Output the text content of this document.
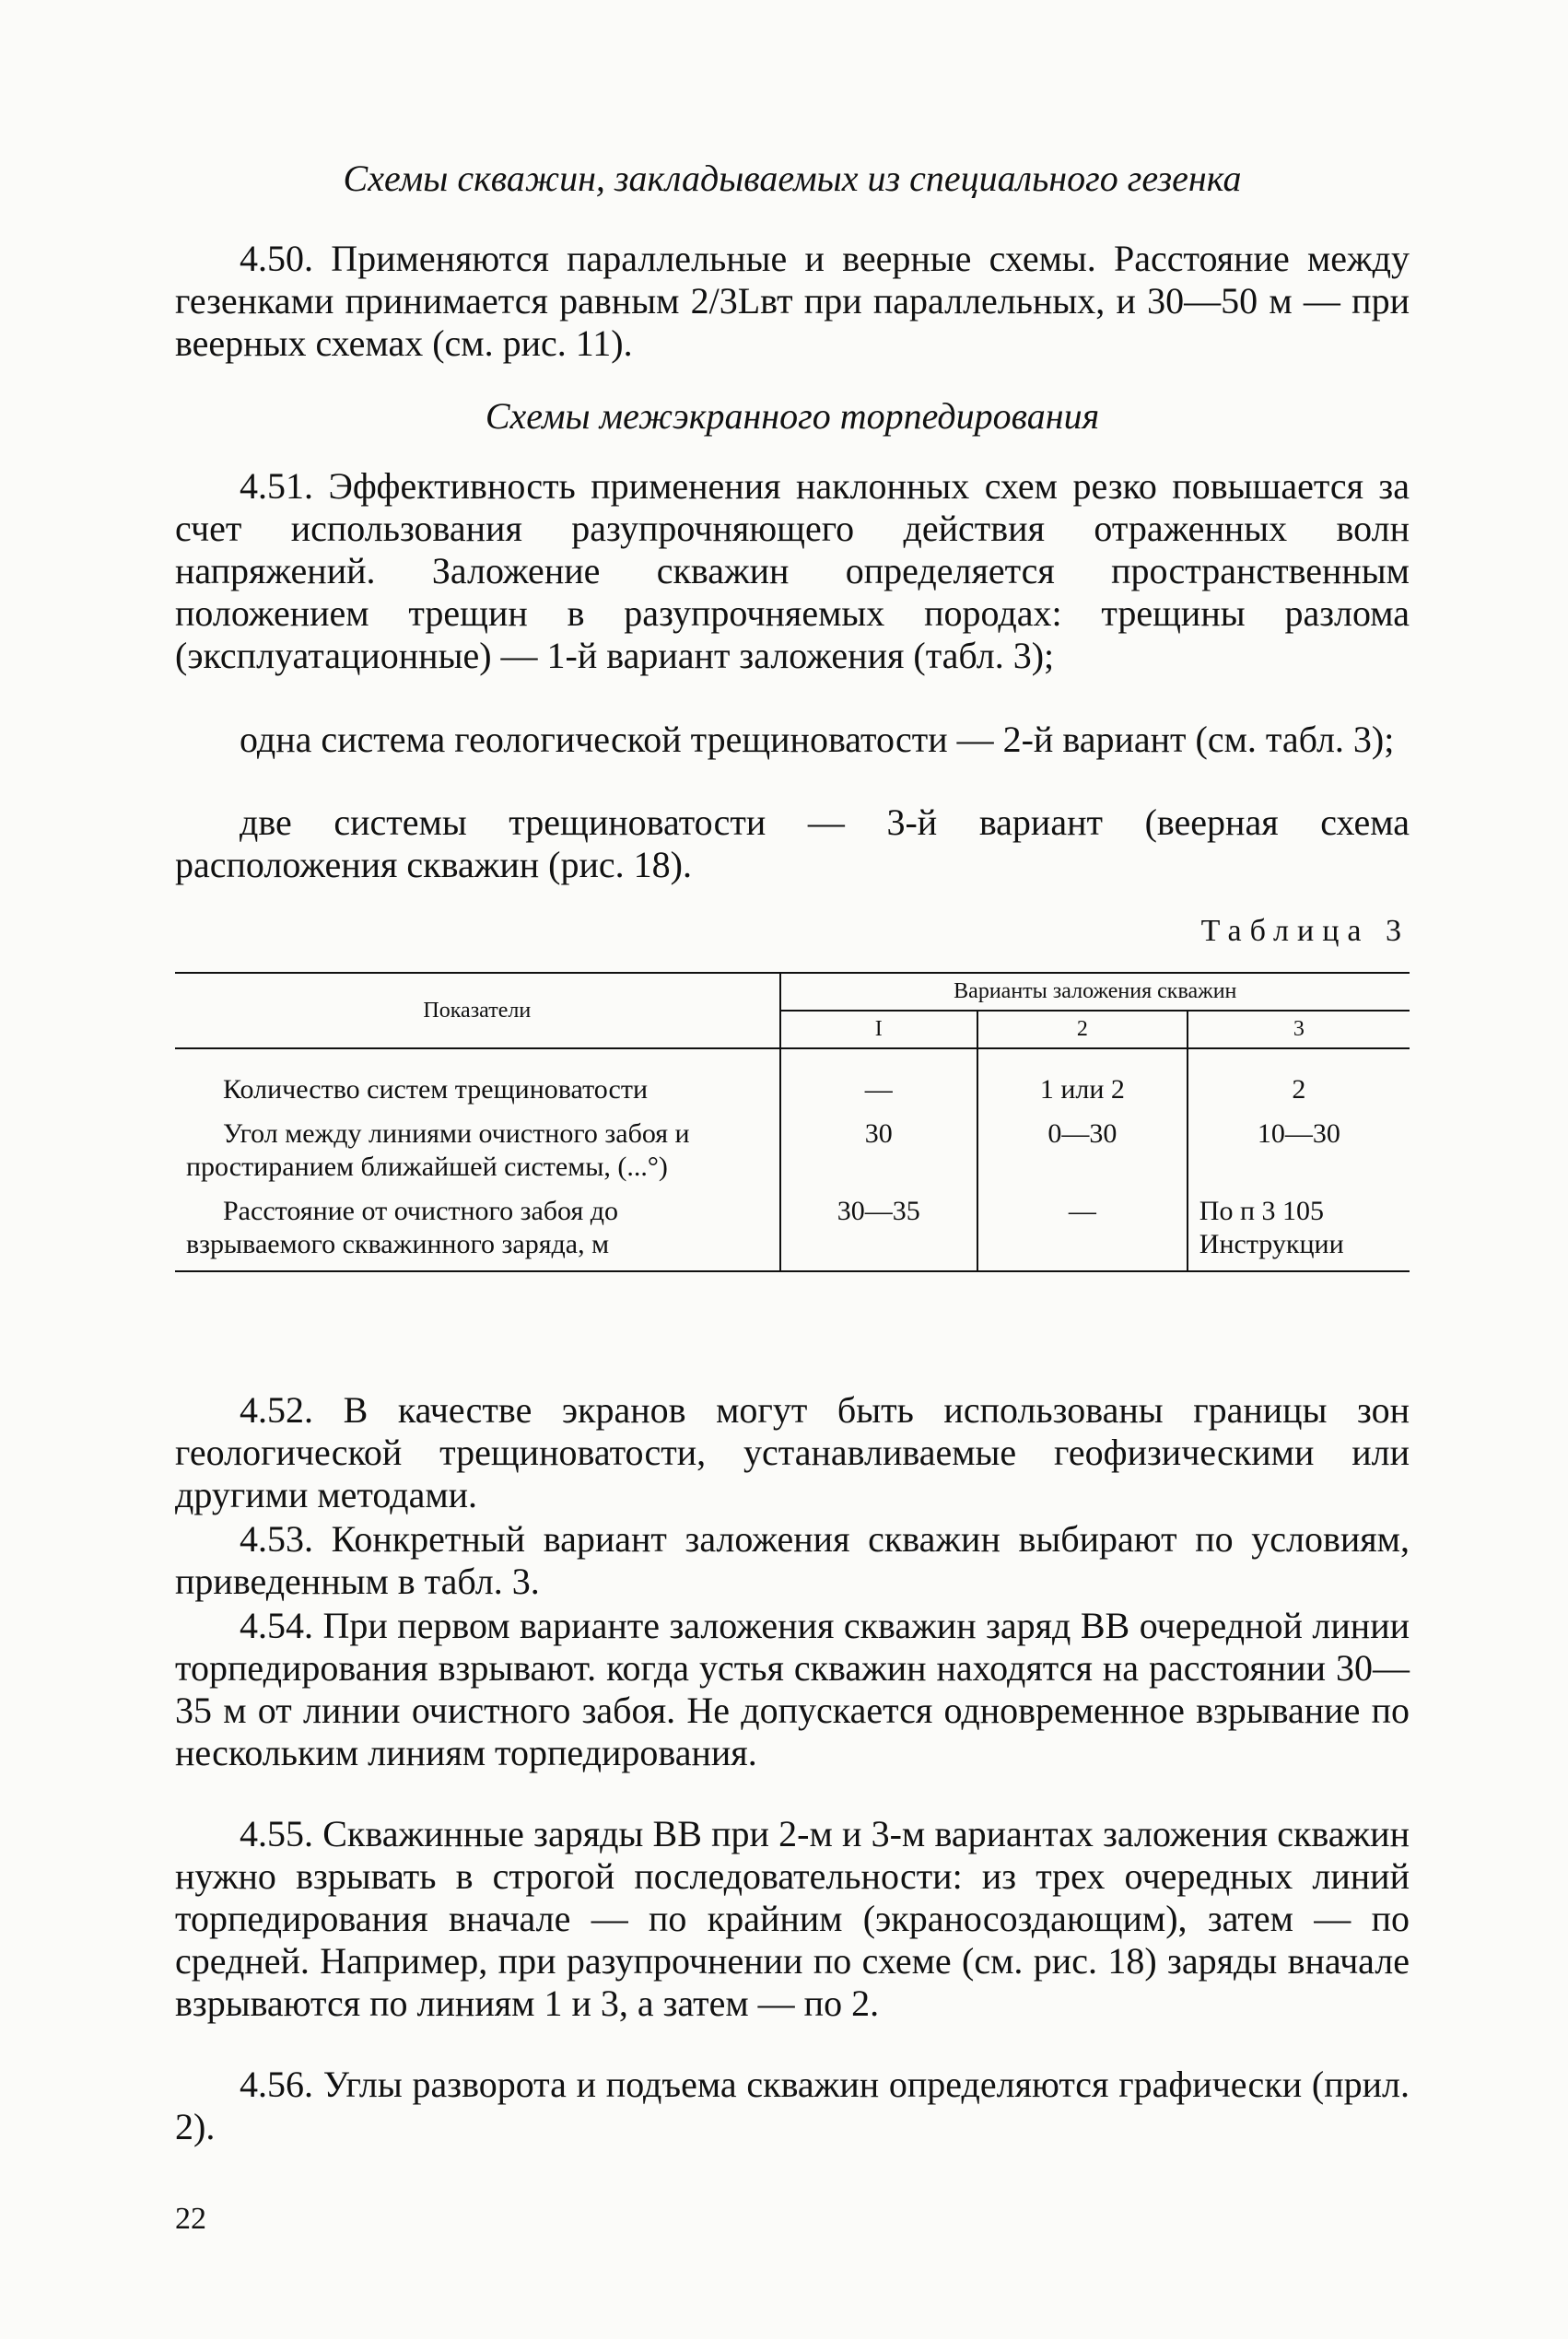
Схемы скважин, закладываемых из специального гезенка

4.50. Применяются параллельные и веерные схемы. Расстояние между гезенками принимается равным 2/3Lвт при параллельных, и 30—50 м — при веерных схемах (см. рис. 11).

Схемы межэкранного торпедирования

4.51. Эффективность применения наклонных схем резко повышается за счет использования разупрочняющего действия отраженных волн напряжений. Заложение скважин определяется пространственным положением трещин в разупрочняемых породах: трещины разлома (эксплуатационные) — 1-й вариант заложения (табл. 3);

одна система геологической трещиноватости — 2-й вариант (см. табл. 3);

две системы трещиноватости — 3-й вариант (веерная схема расположения скважин (рис. 18).

Таблица 3

Показатели	Варианты заложения скважин		
	I	2	3
Количество систем трещиноватости	—	1 или 2	2
Угол между линиями очистного забоя и простиранием ближайшей системы, (...°)	30	0—30	10—30
Расстояние от очистного забоя до взрываемого скважинного заряда, м	30—35	—	По п 3 105 Инструкции

4.52. В качестве экранов могут быть использованы границы зон геологической трещиноватости, устанавливаемые геофизическими или другими методами.

4.53. Конкретный вариант заложения скважин выбирают по условиям, приведенным в табл. 3.

4.54. При первом варианте заложения скважин заряд ВВ очередной линии торпедирования взрывают. когда устья скважин находятся на расстоянии 30—35 м от линии очистного забоя. Не допускается одновременное взрывание по нескольким линиям торпедирования.

4.55. Скважинные заряды ВВ при 2-м и 3-м вариантах заложения скважин нужно взрывать в строгой последовательности: из трех очередных линий торпедирования вначале — по крайним (экраносоздающим), затем — по средней. Например, при разупрочнении по схеме (см. рис. 18) заряды вначале взрываются по линиям 1 и 3, а затем — по 2.

4.56. Углы разворота и подъема скважин определяются графически (прил. 2).

22
